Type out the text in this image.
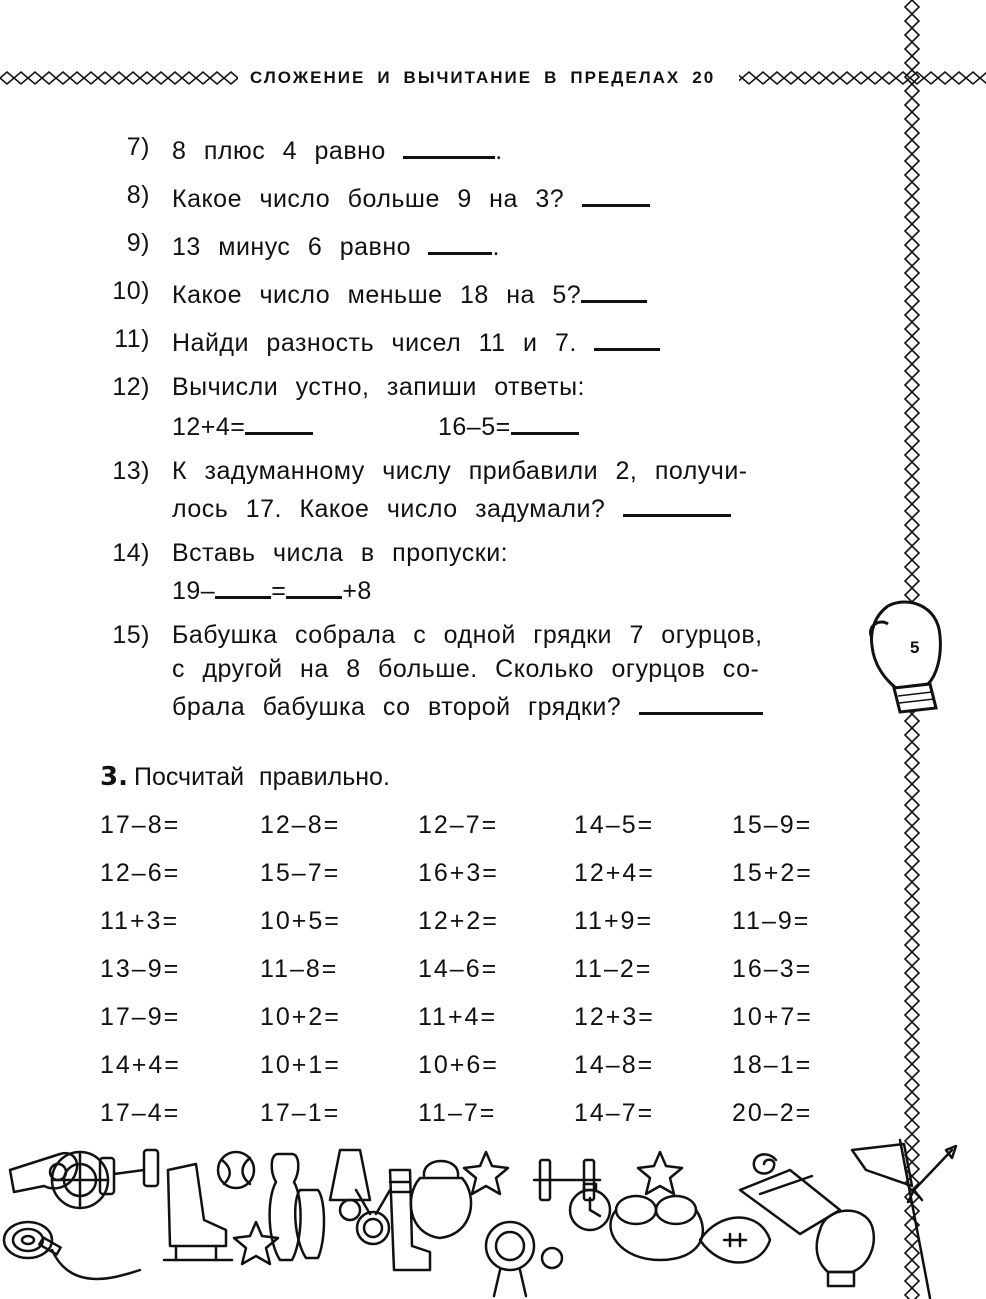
СЛОЖЕНИЕ И ВЫЧИТАНИЕ В ПРЕДЕЛАХ 20
7) 8 плюс 4 равно	.
8) Какое число больше 9 на 3?
9) 13 минус 6 равно	.
10) Какое число меньше 18 на 5?
11) Найди разность чисел 11 и 7.
12) Вычисли устно, запиши ответы:
12+4=	16–5=
13) К задуманному числу прибавили 2, получи-
лось 17. Какое число задумали?
14) Вставь числа в пропуски:
19– = +8
15) Бабушка собрала с одной грядки 7 огурцов,
с другой на 8 больше. Сколько огурцов со-
брала бабушка со второй грядки?
5
3. Посчитай правильно.
17–8=	12–8=	12–7=	14–5=	15–9=
12–6=	15–7=	16+3=	12+4=	15+2=
11+3=	10+5=	12+2=	11+9=	11–9=
13–9=	11–8=	14–6=	11–2=	16–3=
17–9=	10+2=	11+4=	12+3=	10+7=
14+4=	10+1=	10+6=	14–8=	18–1=
17–4=	17–1=	11–7=	14–7=	20–2=
